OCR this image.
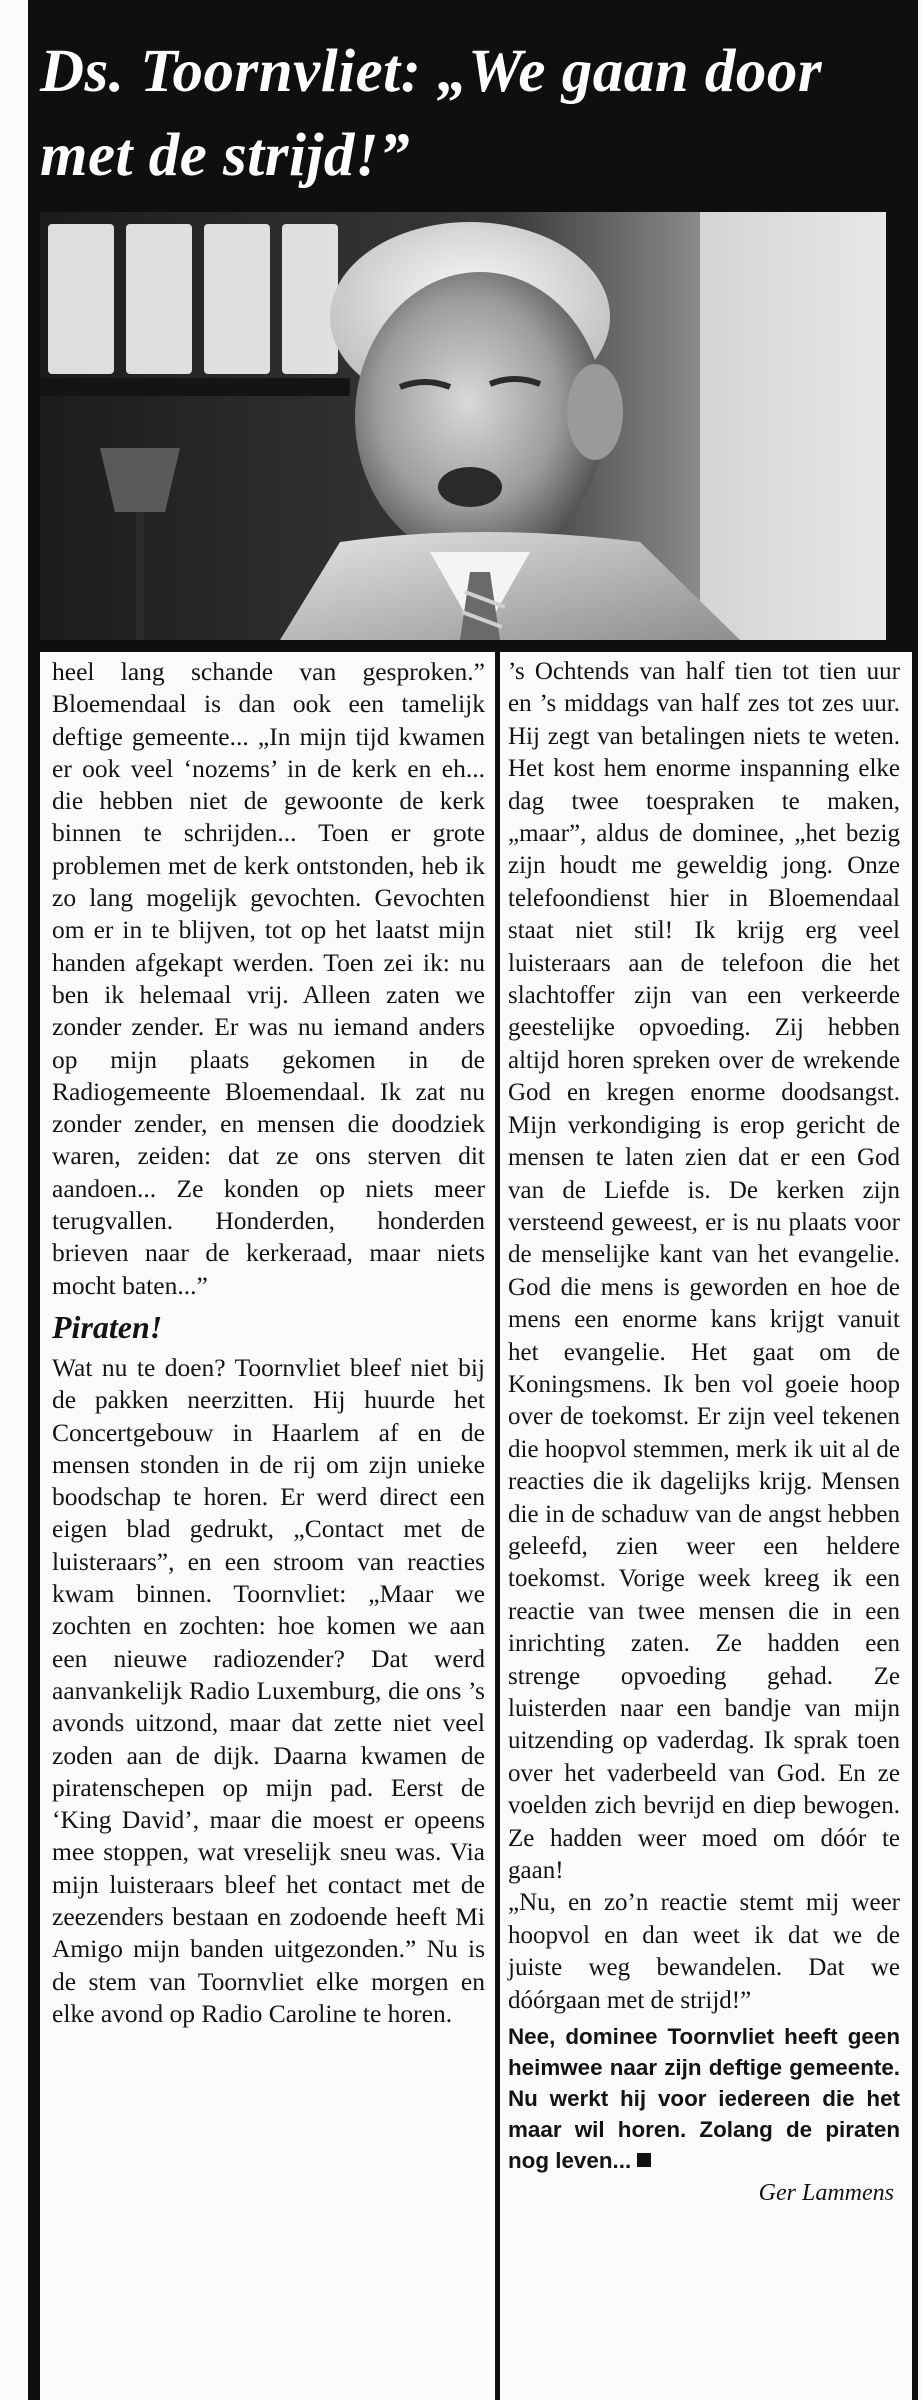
Ds. Toornvliet: „We gaan door met de strijd!”

heel lang schande van gesproken.” Bloemendaal is dan ook een tamelijk deftige gemeente... „In mijn tijd kwamen er ook veel ‘nozems’ in de kerk en eh... die hebben niet de gewoonte de kerk binnen te schrijden... Toen er grote problemen met de kerk ontstonden, heb ik zo lang mogelijk gevochten. Gevochten om er in te blijven, tot op het laatst mijn handen afgekapt werden. Toen zei ik: nu ben ik helemaal vrij. Alleen zaten we zonder zender. Er was nu iemand anders op mijn plaats gekomen in de Radiogemeente Bloemendaal. Ik zat nu zonder zender, en mensen die doodziek waren, zeiden: dat ze ons sterven dit aandoen... Ze konden op niets meer terugvallen. Honderden, honderden brieven naar de kerkeraad, maar niets mocht baten...”

Piraten!

Wat nu te doen? Toornvliet bleef niet bij de pakken neerzitten. Hij huurde het Concertgebouw in Haarlem af en de mensen stonden in de rij om zijn unieke boodschap te horen. Er werd direct een eigen blad gedrukt, „Contact met de luisteraars”, en een stroom van reacties kwam binnen. Toornvliet: „Maar we zochten en zochten: hoe komen we aan een nieuwe radiozender? Dat werd aanvankelijk Radio Luxemburg, die ons ’s avonds uitzond, maar dat zette niet veel zoden aan de dijk. Daarna kwamen de piratenschepen op mijn pad. Eerst de ‘King David’, maar die moest er opeens mee stoppen, wat vreselijk sneu was. Via mijn luisteraars bleef het contact met de zeezenders bestaan en zodoende heeft Mi Amigo mijn banden uitgezonden.” Nu is de stem van Toornvliet elke morgen en elke avond op Radio Caroline te horen.

’s Ochtends van half tien tot tien uur en ’s middags van half zes tot zes uur. Hij zegt van betalingen niets te weten. Het kost hem enorme inspanning elke dag twee toespraken te maken, „maar”, aldus de dominee, „het bezig zijn houdt me geweldig jong. Onze telefoondienst hier in Bloemendaal staat niet stil! Ik krijg erg veel luisteraars aan de telefoon die het slachtoffer zijn van een verkeerde geestelijke opvoeding. Zij hebben altijd horen spreken over de wrekende God en kregen enorme doodsangst. Mijn verkondiging is erop gericht de mensen te laten zien dat er een God van de Liefde is. De kerken zijn versteend geweest, er is nu plaats voor de menselijke kant van het evangelie. God die mens is geworden en hoe de mens een enorme kans krijgt vanuit het evangelie. Het gaat om de Koningsmens. Ik ben vol goeie hoop over de toekomst. Er zijn veel tekenen die hoopvol stemmen, merk ik uit al de reacties die ik dagelijks krijg. Mensen die in de schaduw van de angst hebben geleefd, zien weer een heldere toekomst. Vorige week kreeg ik een reactie van twee mensen die in een inrichting zaten. Ze hadden een strenge opvoeding gehad. Ze luisterden naar een bandje van mijn uitzending op vaderdag. Ik sprak toen over het vaderbeeld van God. En ze voelden zich bevrijd en diep bewogen. Ze hadden weer moed om dóór te gaan!

„Nu, en zo’n reactie stemt mij weer hoopvol en dan weet ik dat we de juiste weg bewandelen. Dat we dóórgaan met de strijd!”

Nee, dominee Toornvliet heeft geen heimwee naar zijn deftige gemeente. Nu werkt hij voor iedereen die het maar wil horen. Zolang de piraten nog leven...

Ger Lammens
